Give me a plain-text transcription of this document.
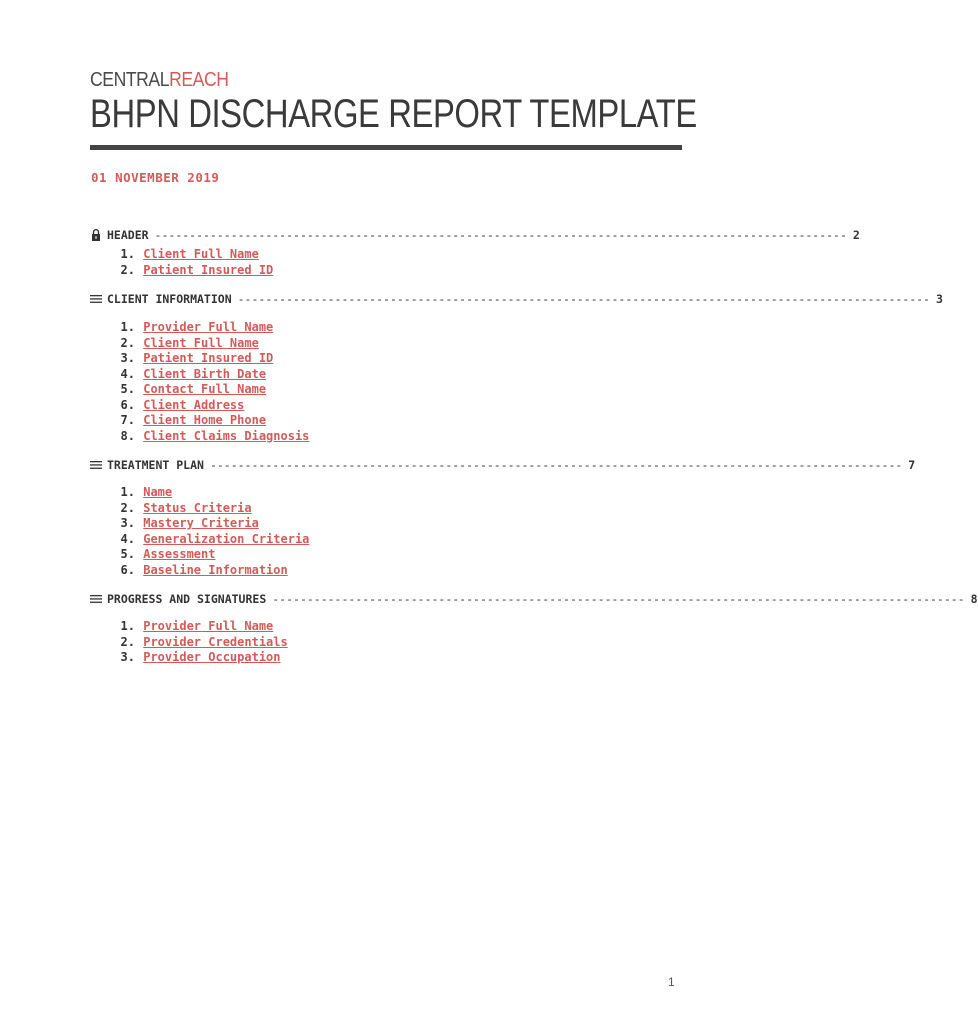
CENTRALREACH
BHPN DISCHARGE REPORT TEMPLATE
01 NOVEMBER 2019
HEADER ---------------------------------------------------------------------------------------------------- 2
1. Client Full Name
2. Patient Insured ID
CLIENT INFORMATION ---------------------------------------------------------------------------------------------------- 3
1. Provider Full Name
2. Client Full Name
3. Patient Insured ID
4. Client Birth Date
5. Contact Full Name
6. Client Address
7. Client Home Phone
8. Client Claims Diagnosis
TREATMENT PLAN ---------------------------------------------------------------------------------------------------- 7
1. Name
2. Status Criteria
3. Mastery Criteria
4. Generalization Criteria
5. Assessment
6. Baseline Information
PROGRESS AND SIGNATURES ---------------------------------------------------------------------------------------------------- 8
1. Provider Full Name
2. Provider Credentials
3. Provider Occupation
1
